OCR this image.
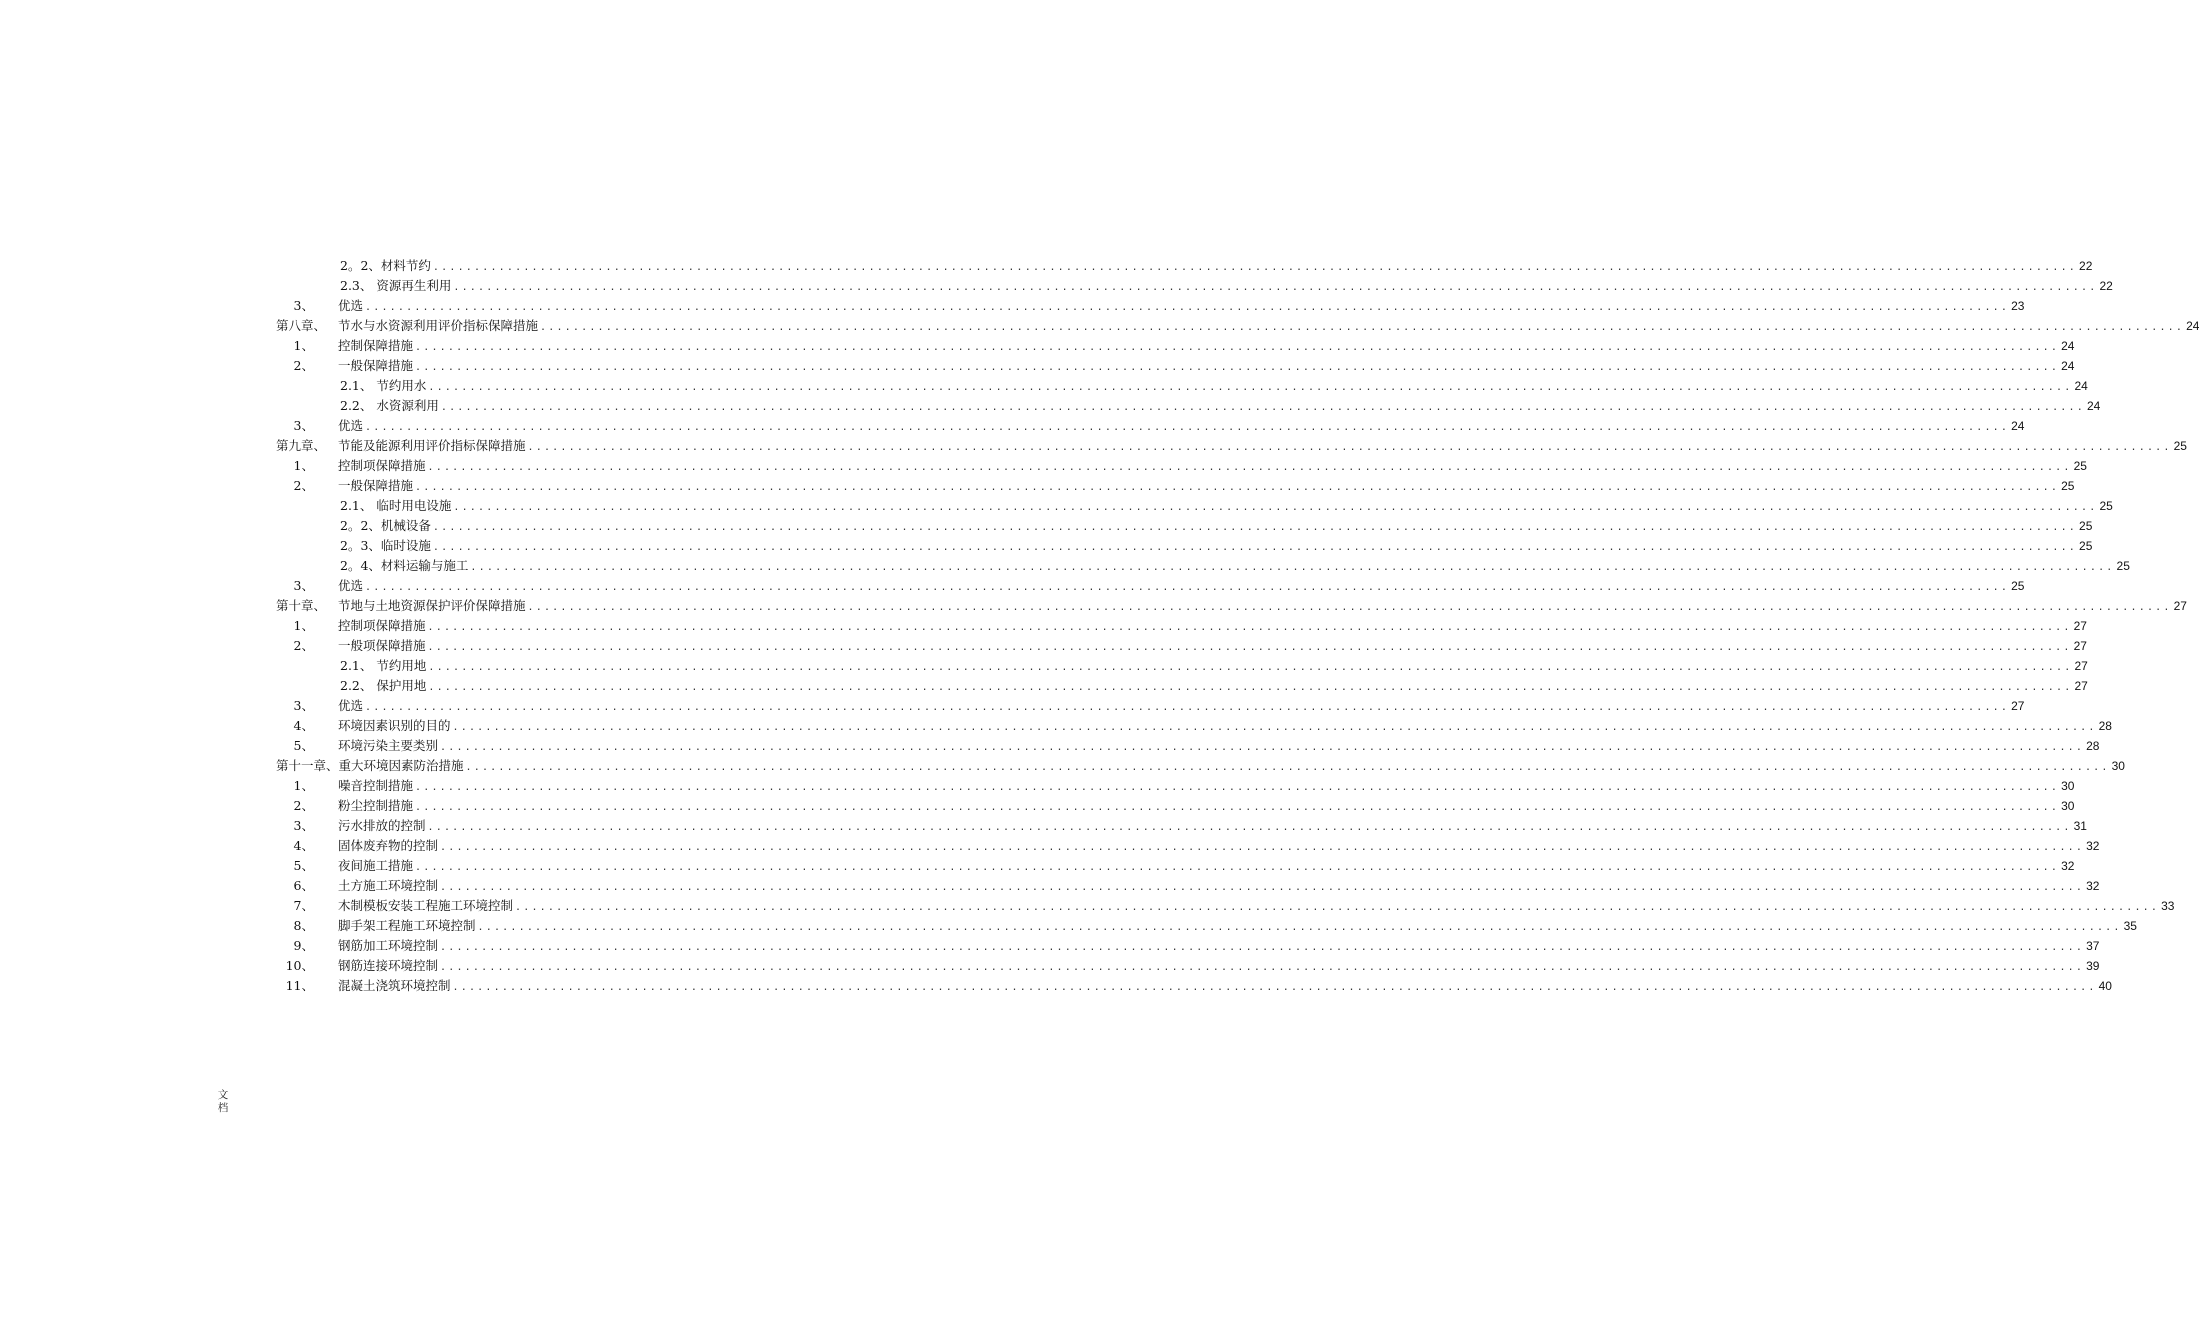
2。2、材料节约 ........................................................................................................................................................................................................ 22
2.3、 资源再生利用 ........................................................................................................................................................................................................ 22
3、	优选 ........................................................................................................................................................................................................ 23
第八章、 节水与水资源利用评价指标保障措施 ........................................................................................................................................................................................................ 24
1、	控制保障措施 ........................................................................................................................................................................................................ 24
2、	一般保障措施 ........................................................................................................................................................................................................ 24
2.1、 节约用水 ........................................................................................................................................................................................................ 24
2.2、 水资源利用 ........................................................................................................................................................................................................ 24
3、	优选 ........................................................................................................................................................................................................ 24
第九章、 节能及能源利用评价指标保障措施 ........................................................................................................................................................................................................ 25
1、	控制项保障措施 ........................................................................................................................................................................................................ 25
2、	一般保障措施 ........................................................................................................................................................................................................ 25
2.1、 临时用电设施 ........................................................................................................................................................................................................ 25
2。2、机械设备 ........................................................................................................................................................................................................ 25
2。3、临时设施 ........................................................................................................................................................................................................ 25
2。4、材料运输与施工 ........................................................................................................................................................................................................ 25
3、	优选 ........................................................................................................................................................................................................ 25
第十章、 节地与土地资源保护评价保障措施 ........................................................................................................................................................................................................ 27
1、	控制项保障措施 ........................................................................................................................................................................................................ 27
2、	一般项保障措施 ........................................................................................................................................................................................................ 27
2.1、 节约用地 ........................................................................................................................................................................................................ 27
2.2、 保护用地 ........................................................................................................................................................................................................ 27
3、	优选 ........................................................................................................................................................................................................ 27
4、	环境因素识别的目的 ........................................................................................................................................................................................................ 28
5、	环境污染主要类别 ........................................................................................................................................................................................................ 28
第十一章、重大环境因素防治措施 ........................................................................................................................................................................................................ 30
1、	噪音控制措施 ........................................................................................................................................................................................................ 30
2、	粉尘控制措施 ........................................................................................................................................................................................................ 30
3、	污水排放的控制 ........................................................................................................................................................................................................ 31
4、	固体废弃物的控制 ........................................................................................................................................................................................................ 32
5、	夜间施工措施 ........................................................................................................................................................................................................ 32
6、	土方施工环境控制 ........................................................................................................................................................................................................ 32
7、	木制模板安装工程施工环境控制 ........................................................................................................................................................................................................ 33
8、	脚手架工程施工环境控制 ........................................................................................................................................................................................................ 35
9、	钢筋加工环境控制 ........................................................................................................................................................................................................ 37
10、	钢筋连接环境控制 ........................................................................................................................................................................................................ 39
11、	混凝土浇筑环境控制 ........................................................................................................................................................................................................ 40
文
档
